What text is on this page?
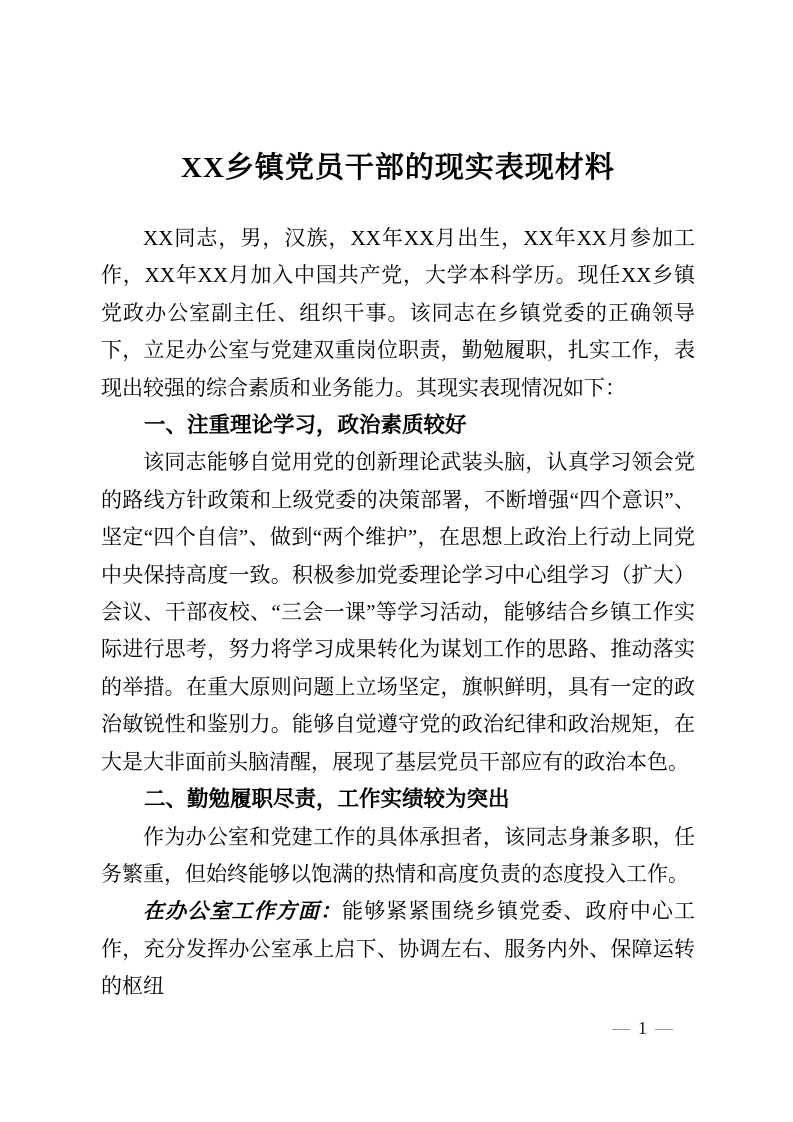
XX乡镇党员干部的现实表现材料

XX同志，男，汉族，XX年XX月出生，XX年XX月参加工作，XX年XX月加入中国共产党，大学本科学历。现任XX乡镇党政办公室副主任、组织干事。该同志在乡镇党委的正确领导下，立足办公室与党建双重岗位职责，勤勉履职，扎实工作，表现出较强的综合素质和业务能力。其现实表现情况如下：

一、注重理论学习，政治素质较好

该同志能够自觉用党的创新理论武装头脑，认真学习领会党的路线方针政策和上级党委的决策部署，不断增强“四个意识”、坚定“四个自信”、做到“两个维护”，在思想上政治上行动上同党中央保持高度一致。积极参加党委理论学习中心组学习（扩大）会议、干部夜校、“三会一课”等学习活动，能够结合乡镇工作实际进行思考，努力将学习成果转化为谋划工作的思路、推动落实的举措。在重大原则问题上立场坚定，旗帜鲜明，具有一定的政治敏锐性和鉴别力。能够自觉遵守党的政治纪律和政治规矩，在大是大非面前头脑清醒，展现了基层党员干部应有的政治本色。

二、勤勉履职尽责，工作实绩较为突出

作为办公室和党建工作的具体承担者，该同志身兼多职，任务繁重，但始终能够以饱满的热情和高度负责的态度投入工作。

在办公室工作方面：能够紧紧围绕乡镇党委、政府中心工作，充分发挥办公室承上启下、协调左右、服务内外、保障运转的枢纽

— 1 —
